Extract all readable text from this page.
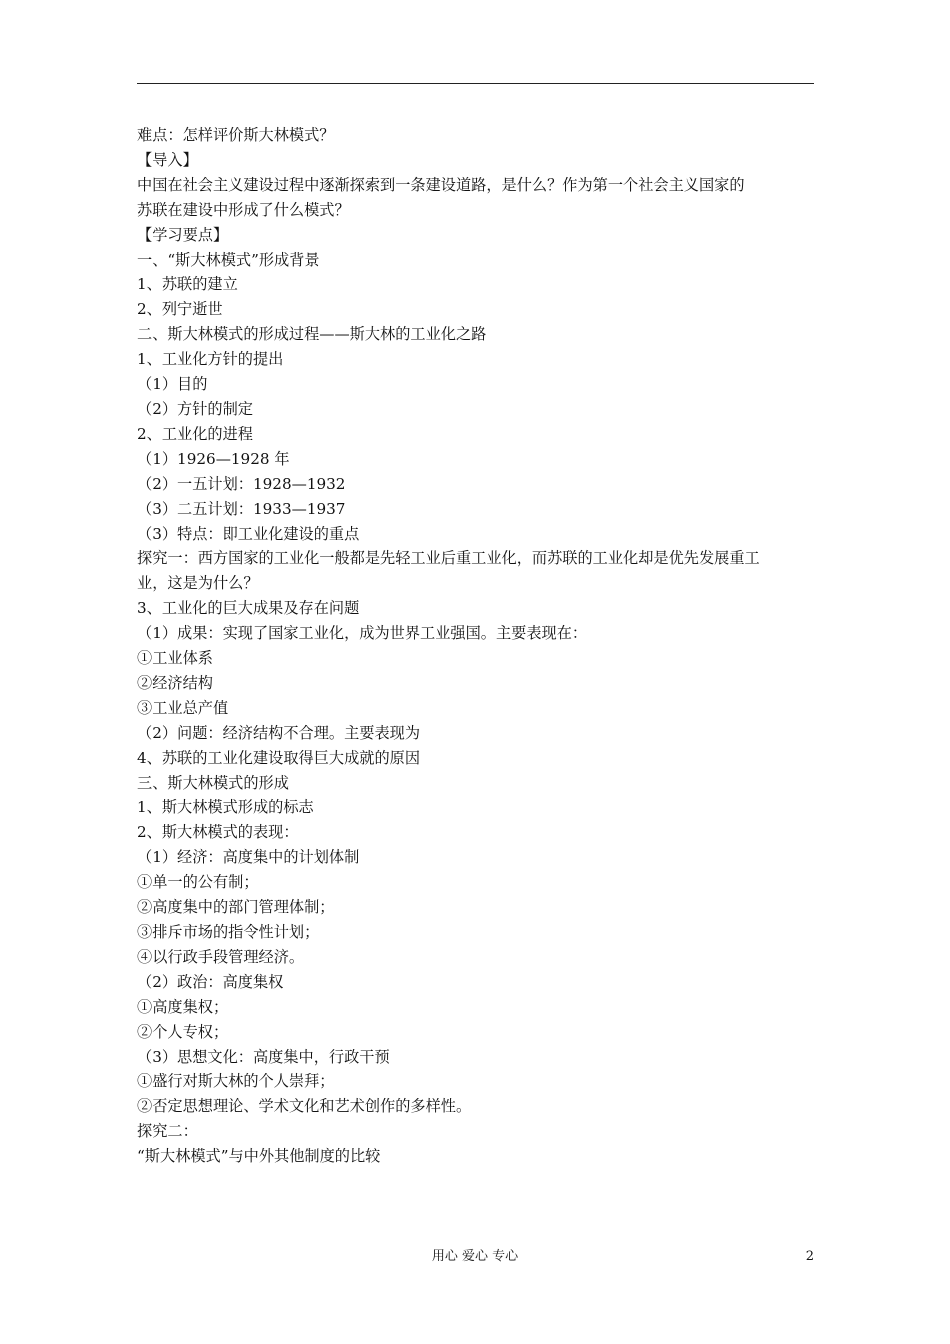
难点：怎样评价斯大林模式？
【导入】
中国在社会主义建设过程中逐渐探索到一条建设道路，是什么？作为第一个社会主义国家的
苏联在建设中形成了什么模式？
【学习要点】
一、“斯大林模式”形成背景
1、苏联的建立
2、列宁逝世
二、斯大林模式的形成过程——斯大林的工业化之路
1、工业化方针的提出
（1）目的
（2）方针的制定
2、工业化的进程
（1）1926—1928 年
（2）一五计划：1928—1932
（3）二五计划：1933—1937
（3）特点：即工业化建设的重点
探究一：西方国家的工业化一般都是先轻工业后重工业化，而苏联的工业化却是优先发展重工
业，这是为什么？
3、工业化的巨大成果及存在问题
（1）成果：实现了国家工业化，成为世界工业强国。主要表现在：
①工业体系
②经济结构
③工业总产值
（2）问题：经济结构不合理。主要表现为
4、苏联的工业化建设取得巨大成就的原因
三、斯大林模式的形成
1、斯大林模式形成的标志
2、斯大林模式的表现：
（1）经济：高度集中的计划体制
①单一的公有制；
②高度集中的部门管理体制；
③排斥市场的指令性计划；
④以行政手段管理经济。
（2）政治：高度集权
①高度集权；
②个人专权；
（3）思想文化：高度集中，行政干预
①盛行对斯大林的个人崇拜；
②否定思想理论、学术文化和艺术创作的多样性。
探究二：
“斯大林模式”与中外其他制度的比较
用心 爱心 专心	2
